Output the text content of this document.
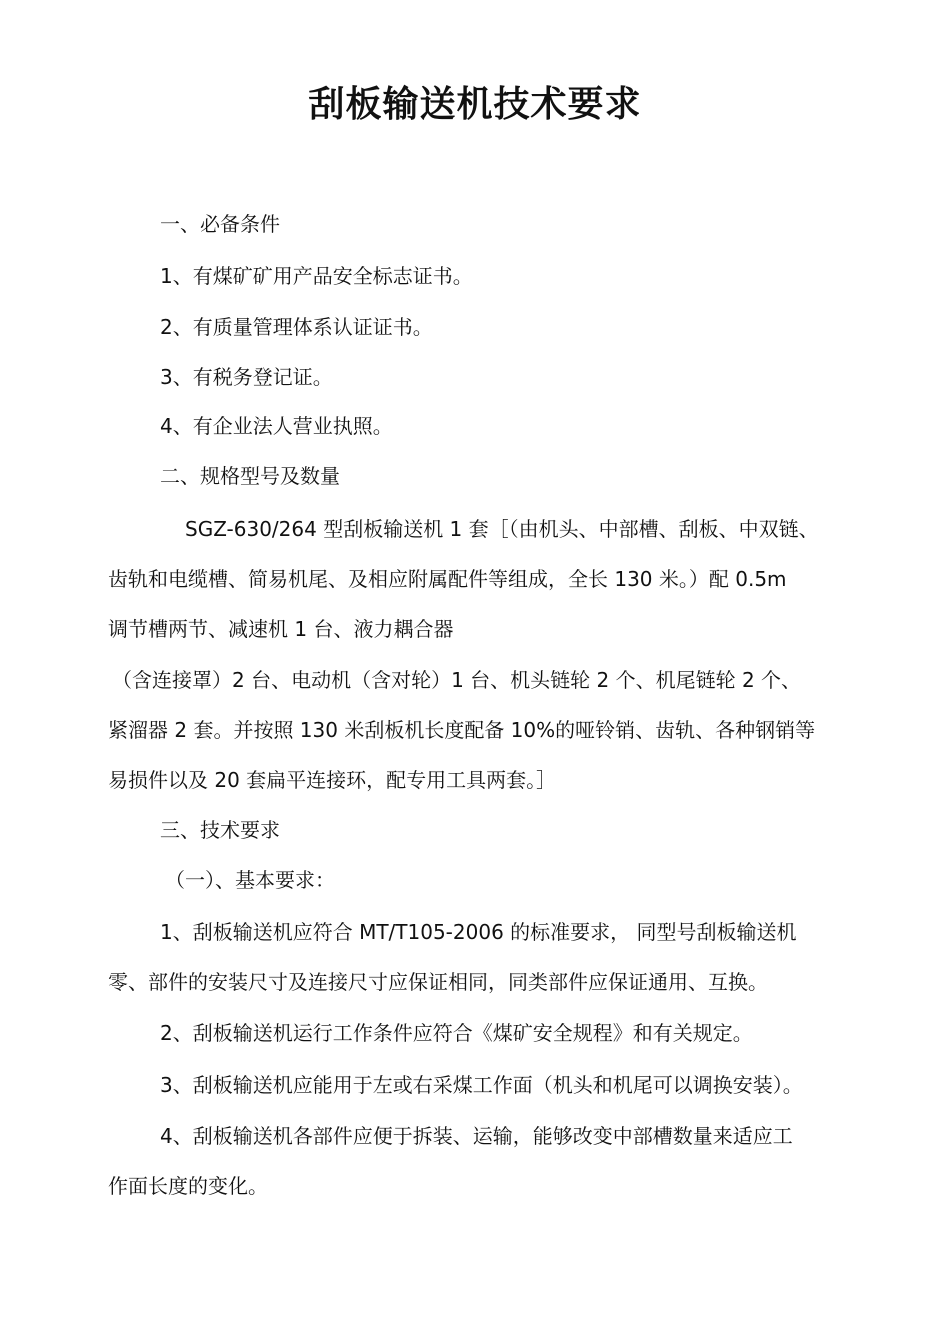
刮板输送机技术要求
一、必备条件
1、有煤矿矿用产品安全标志证书。
2、有质量管理体系认证证书。
3、有税务登记证。
4、有企业法人营业执照。
二、规格型号及数量
SGZ-630/264 型刮板输送机 1 套［（由机头、中部槽、刮板、中双链、
齿轨和电缆槽、简易机尾、及相应附属配件等组成，全长 130 米。）配 0.5m
调节槽两节、减速机 1 台、液力耦合器
（含连接罩）2 台、电动机（含对轮）1 台、机头链轮 2 个、机尾链轮 2 个、
紧溜器 2 套。并按照 130 米刮板机长度配备 10%的哑铃销、齿轨、各种钢销等
易损件以及 20 套扁平连接环，配专用工具两套。］
三、技术要求
（一）、基本要求：
1、刮板输送机应符合 MT/T105-2006 的标准要求， 同型号刮板输送机
零、部件的安装尺寸及连接尺寸应保证相同，同类部件应保证通用、互换。
2、刮板输送机运行工作条件应符合《煤矿安全规程》和有关规定。
3、刮板输送机应能用于左或右采煤工作面（机头和机尾可以调换安装）。
4、刮板输送机各部件应便于拆装、运输，能够改变中部槽数量来适应工
作面长度的变化。
